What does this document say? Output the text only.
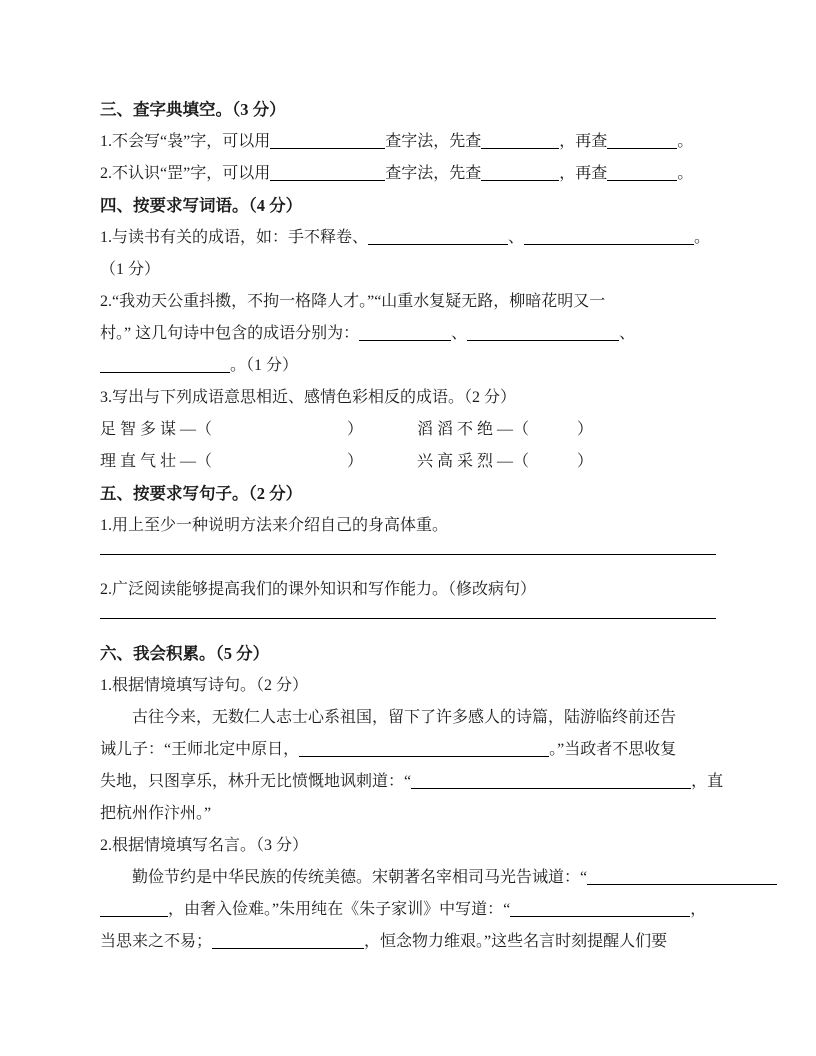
三、查字典填空。（3 分）
1.不会写“袅”字，可以用	查字法，先查	，再查	。
2.不认识“罡”字，可以用	查字法，先查	，再查	。
四、按要求写词语。（4 分）
1.与读书有关的成语，如：手不释卷、	、	。
（1 分）
2.“我劝天公重抖擞，不拘一格降人才。”“山重水复疑无路，柳暗花明又一
村。” 这几句诗中包含的成语分别为：	、	、
。（1 分）
3.写出与下列成语意思相近、感情色彩相反的成语。（2 分）
足 智 多 谋 —（	）	滔 滔 不 绝 —（	）
理 直 气 壮 —（	）	兴 高 采 烈 —（	）
五、按要求写句子。（2 分）
1.用上至少一种说明方法来介绍自己的身高体重。
2.广泛阅读能够提高我们的课外知识和写作能力。（修改病句）
六、我会积累。（5 分）
1.根据情境填写诗句。（2 分）
古往今来，无数仁人志士心系祖国，留下了许多感人的诗篇，陆游临终前还告
诫儿子：“王师北定中原日，	。”当政者不思收复
失地，只图享乐，林升无比愤慨地讽刺道：“	，直
把杭州作汴州。”
2.根据情境填写名言。（3 分）
勤俭节约是中华民族的传统美德。宋朝著名宰相司马光告诫道：“
，由奢入俭难。”朱用纯在《朱子家训》中写道：“	，
当思来之不易；	，恒念物力维艰。”这些名言时刻提醒人们要
